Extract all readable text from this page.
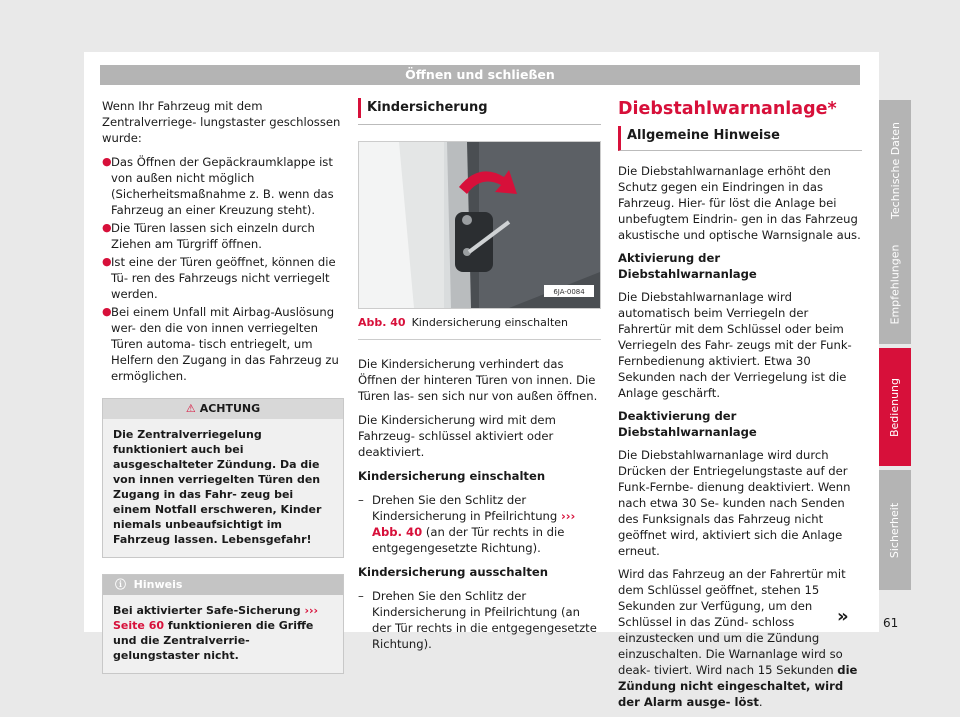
Öffnen und schließen

Wenn Ihr Fahrzeug mit dem Zentralverriege- lungstaster geschlossen wurde:

● Das Öffnen der Gepäckraumklappe ist von außen nicht möglich (Sicherheitsmaßnahme z. B. wenn das Fahrzeug an einer Kreuzung steht).
● Die Türen lassen sich einzeln durch Ziehen am Türgriff öffnen.
● Ist eine der Türen geöffnet, können die Tü- ren des Fahrzeugs nicht verriegelt werden.
● Bei einem Unfall mit Airbag-Auslösung wer- den die von innen verriegelten Türen automa- tisch entriegelt, um Helfern den Zugang in das Fahrzeug zu ermöglichen.
⚠ ACHTUNG
Die Zentralverriegelung funktioniert auch bei ausgeschalteter Zündung. Da die von innen verriegelten Türen den Zugang in das Fahr- zeug bei einem Notfall erschweren, Kinder niemals unbeaufsichtigt im Fahrzeug lassen. Lebensgefahr!
ⓘ Hinweis
Bei aktivierter Safe-Sicherung ››› Seite 60 funktionieren die Griffe und die Zentralverrie- gelungstaster nicht.
Kindersicherung
6JA-0084
Abb. 40 Kindersicherung einschalten

Die Kindersicherung verhindert das Öffnen der hinteren Türen von innen. Die Türen las- sen sich nur von außen öffnen.

Die Kindersicherung wird mit dem Fahrzeug- schlüssel aktiviert oder deaktiviert.

Kindersicherung einschalten

– Drehen Sie den Schlitz der Kindersicherung in Pfeilrichtung ››› Abb. 40 (an der Tür rechts in die entgegengesetzte Richtung).

Kindersicherung ausschalten

– Drehen Sie den Schlitz der Kindersicherung in Pfeilrichtung (an der Tür rechts in die entgegengesetzte Richtung).
Diebstahlwarnanlage*
Allgemeine Hinweise

Die Diebstahlwarnanlage erhöht den Schutz gegen ein Eindringen in das Fahrzeug. Hier- für löst die Anlage bei unbefugtem Eindrin- gen in das Fahrzeug akustische und optische Warnsignale aus.

Aktivierung der Diebstahlwarnanlage

Die Diebstahlwarnanlage wird automatisch beim Verriegeln der Fahrertür mit dem Schlüssel oder beim Verriegeln des Fahr- zeugs mit der Funk-Fernbedienung aktiviert. Etwa 30 Sekunden nach der Verriegelung ist die Anlage geschärft.

Deaktivierung der Diebstahlwarnanlage

Die Diebstahlwarnanlage wird durch Drücken der Entriegelungstaste auf der Funk-Fernbe- dienung deaktiviert. Wenn nach etwa 30 Se- kunden nach Senden des Funksignals das Fahrzeug nicht geöffnet wird, aktiviert sich die Anlage erneut.

Wird das Fahrzeug an der Fahrertür mit dem Schlüssel geöffnet, stehen 15 Sekunden zur Verfügung, um den Schlüssel in das Zünd- schloss einzustecken und um die Zündung einzuschalten. Die Warnanlage wird so deak- tiviert. Wird nach 15 Sekunden die Zündung nicht eingeschaltet, wird der Alarm ausge- löst.

»	61
Technische Daten
Empfehlungen
Bedienung
Sicherheit
